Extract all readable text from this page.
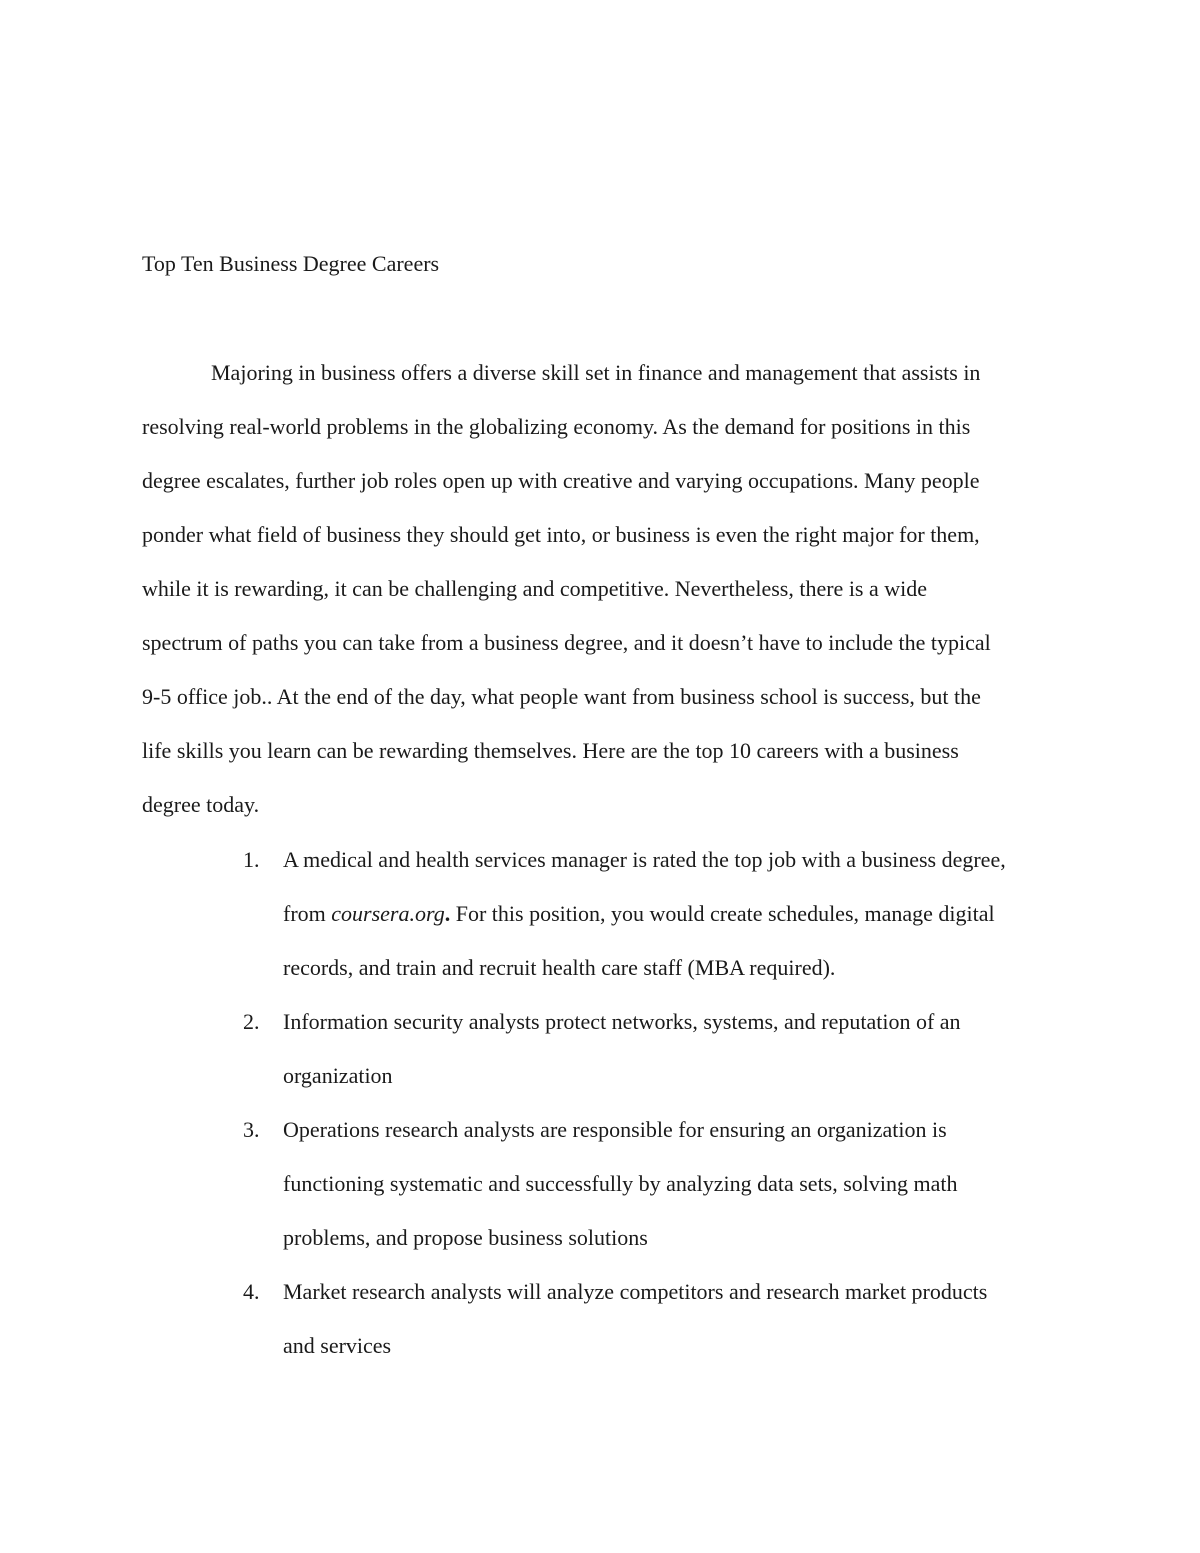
Top Ten Business Degree Careers
Majoring in business offers a diverse skill set in finance and management that assists in
resolving real-world problems in the globalizing economy. As the demand for positions in this
degree escalates, further job roles open up with creative and varying occupations. Many people
ponder what field of business they should get into, or business is even the right major for them,
while it is rewarding, it can be challenging and competitive. Nevertheless, there is a wide
spectrum of paths you can take from a business degree, and it doesn’t have to include the typical
9-5 office job.. At the end of the day, what people want from business school is success, but the
life skills you learn can be rewarding themselves. Here are the top 10 careers with a business
degree today.
1. A medical and health services manager is rated the top job with a business degree,
from coursera.org. For this position, you would create schedules, manage digital
records, and train and recruit health care staff (MBA required).
2. Information security analysts protect networks, systems, and reputation of an
organization
3. Operations research analysts are responsible for ensuring an organization is
functioning systematic and successfully by analyzing data sets, solving math
problems, and propose business solutions
4. Market research analysts will analyze competitors and research market products
and services
